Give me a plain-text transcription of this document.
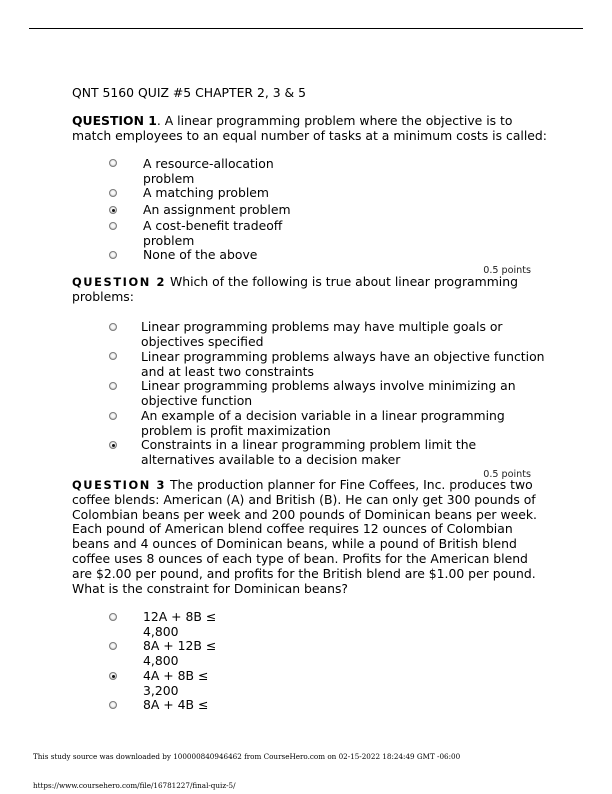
QNT 5160 QUIZ #5 CHAPTER 2, 3 & 5
QUESTION 1. A linear programming problem where the objective is to match employees to an equal number of tasks at a minimum costs is called:
A resource-allocation
problem
A matching problem
An assignment problem
A cost-benefit tradeoff
problem
None of the above
0.5 points
QUESTION 2 Which of the following is true about linear programming problems:
Linear programming problems may have multiple goals or
objectives specified
Linear programming problems always have an objective function
and at least two constraints
Linear programming problems always involve minimizing an
objective function
An example of a decision variable in a linear programming
problem is profit maximization
Constraints in a linear programming problem limit the
alternatives available to a decision maker
0.5 points
QUESTION 3 The production planner for Fine Coffees, Inc. produces two coffee blends: American (A) and British (B). He can only get 300 pounds of Colombian beans per week and 200 pounds of Dominican beans per week. Each pound of American blend coffee requires 12 ounces of Colombian beans and 4 ounces of Dominican beans, while a pound of British blend coffee uses 8 ounces of each type of bean. Profits for the American blend are $2.00 per pound, and profits for the British blend are $1.00 per pound.
What is the constraint for Dominican beans?
12A + 8B ≤
4,800
8A + 12B ≤
4,800
4A + 8B ≤
3,200
8A + 4B ≤
This study source was downloaded by 100000840946462 from CourseHero.com on 02-15-2022 18:24:49 GMT -06:00
https://www.coursehero.com/file/16781227/final-quiz-5/
